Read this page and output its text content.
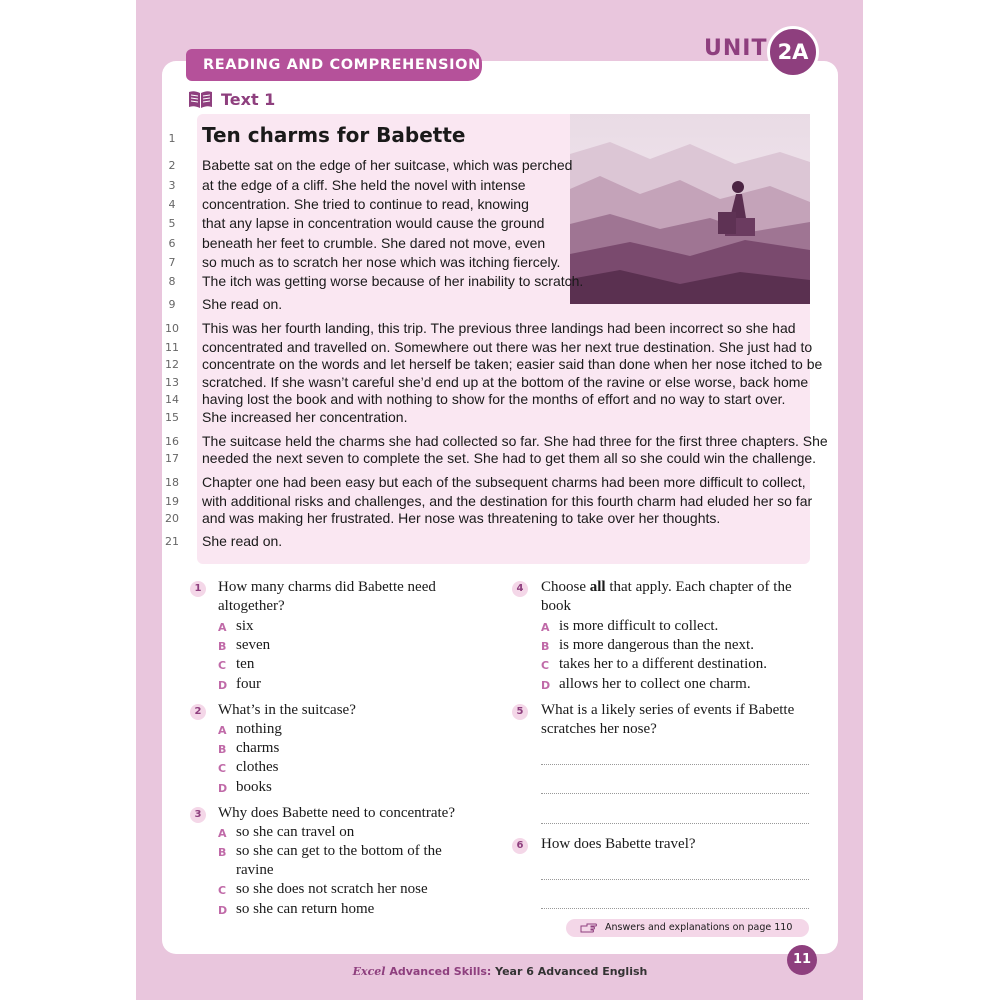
UNIT 2A
READING AND COMPREHENSION
Text 1
Ten charms for Babette
1
2	Babette sat on the edge of her suitcase, which was perched
3	at the edge of a cliff. She held the novel with intense
4	concentration. She tried to continue to read, knowing
5	that any lapse in concentration would cause the ground
6	beneath her feet to crumble. She dared not move, even
7	so much as to scratch her nose which was itching fiercely.
8	The itch was getting worse because of her inability to scratch.
9	She read on.
10 This was her fourth landing, this trip. The previous three landings had been incorrect so she had
11 concentrated and travelled on. Somewhere out there was her next true destination. She just had to
12 concentrate on the words and let herself be taken; easier said than done when her nose itched to be
13 scratched. If she wasn’t careful she’d end up at the bottom of the ravine or else worse, back home
14 having lost the book and with nothing to show for the months of effort and no way to start over.
15 She increased her concentration.
16 The suitcase held the charms she had collected so far. She had three for the first three chapters. She
17 needed the next seven to complete the set. She had to get them all so she could win the challenge.
18 Chapter one had been easy but each of the subsequent charms had been more difficult to collect,
19 with additional risks and challenges, and the destination for this fourth charm had eluded her so far
20 and was making her frustrated. Her nose was threatening to take over her thoughts.
21 She read on.
1	How many charms did Babette need
altogether?
A six
B seven
C ten
D four
2	What’s in the suitcase?
A nothing
B charms
C clothes
D books
3	Why does Babette need to concentrate?
A so she can travel on
B so she can get to the bottom of the
ravine
C so she does not scratch her nose
D so she can return home
4	Choose all that apply. Each chapter of the
book
A is more difficult to collect.
B is more dangerous than the next.
C takes her to a different destination.
D allows her to collect one charm.
5	What is a likely series of events if Babette
scratches her nose?
6	How does Babette travel?
Answers and explanations on page 110
Excel Advanced Skills: Year 6 Advanced English
11
